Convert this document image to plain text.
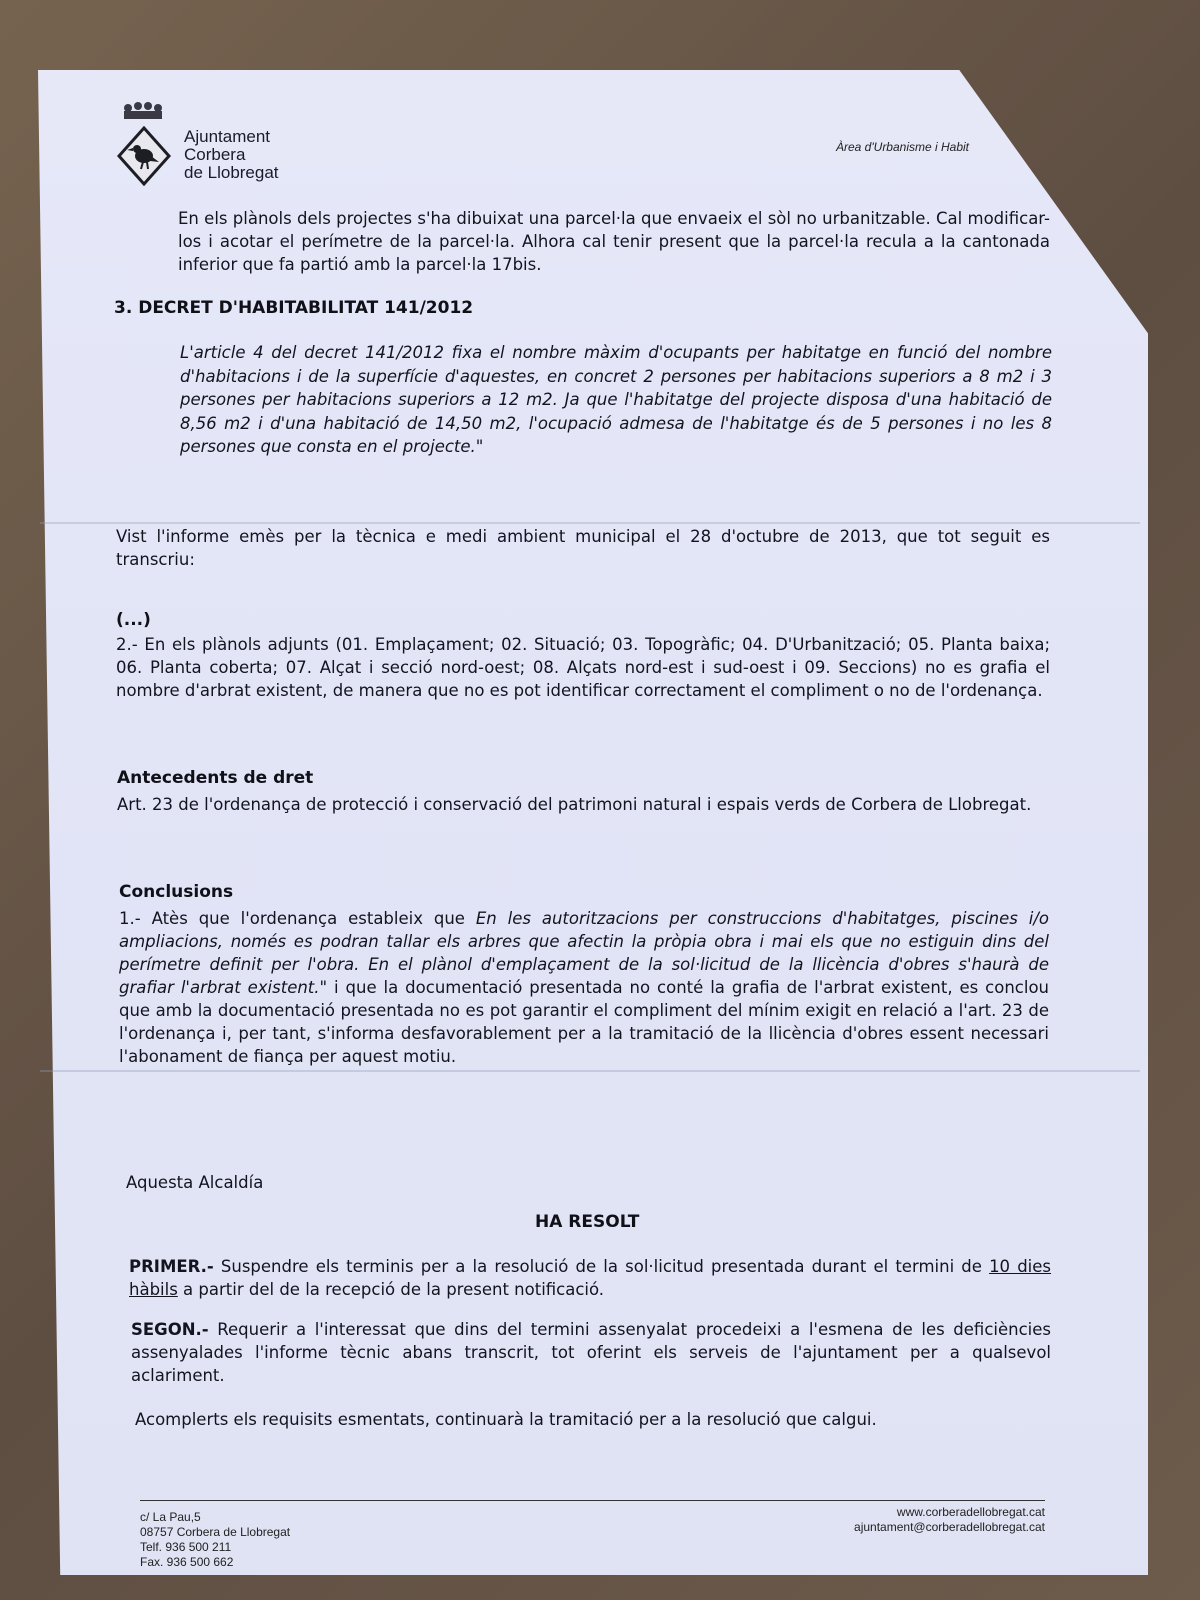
Ajuntament
Corbera
de Llobregat
Àrea d'Urbanisme i Habit
En els plànols dels projectes s'ha dibuixat una parcel·la que envaeix el sòl no urbanitzable. Cal modificar-los i acotar el perímetre de la parcel·la. Alhora cal tenir present que la parcel·la recula a la cantonada inferior que fa partió amb la parcel·la 17bis.
3. DECRET D'HABITABILITAT 141/2012
L'article 4 del decret 141/2012 fixa el nombre màxim d'ocupants per habitatge en funció del nombre d'habitacions i de la superfície d'aquestes, en concret 2 persones per habitacions superiors a 8 m2 i 3 persones per habitacions superiors a 12 m2. Ja que l'habitatge del projecte disposa d'una habitació de 8,56 m2 i d'una habitació de 14,50 m2, l'ocupació admesa de l'habitatge és de 5 persones i no les 8 persones que consta en el projecte."
Vist l'informe emès per la tècnica e medi ambient municipal el 28 d'octubre de 2013, que tot seguit es transcriu:
(...)
2.- En els plànols adjunts (01. Emplaçament; 02. Situació; 03. Topogràfic; 04. D'Urbanització; 05. Planta baixa; 06. Planta coberta; 07. Alçat i secció nord-oest; 08. Alçats nord-est i sud-oest i 09. Seccions) no es grafia el nombre d'arbrat existent, de manera que no es pot identificar correctament el compliment o no de l'ordenança.
Antecedents de dret
Art. 23 de l'ordenança de protecció i conservació del patrimoni natural i espais verds de Corbera de Llobregat.
Conclusions
1.- Atès que l'ordenança estableix que En les autoritzacions per construccions d'habitatges, piscines i/o ampliacions, només es podran tallar els arbres que afectin la pròpia obra i mai els que no estiguin dins del perímetre definit per l'obra. En el plànol d'emplaçament de la sol·licitud de la llicència d'obres s'haurà de grafiar l'arbrat existent." i que la documentació presentada no conté la grafia de l'arbrat existent, es conclou que amb la documentació presentada no es pot garantir el compliment del mínim exigit en relació a l'art. 23 de l'ordenança i, per tant, s'informa desfavorablement per a la tramitació de la llicència d'obres essent necessari l'abonament de fiança per aquest motiu.
Aquesta Alcaldía
HA RESOLT
PRIMER.- Suspendre els terminis per a la resolució de la sol·licitud presentada durant el termini de 10 dies hàbils a partir del de la recepció de la present notificació.
SEGON.- Requerir a l'interessat que dins del termini assenyalat procedeixi a l'esmena de les deficiències assenyalades l'informe tècnic abans transcrit, tot oferint els serveis de l'ajuntament per a qualsevol aclariment.
Acomplerts els requisits esmentats, continuarà la tramitació per a la resolució que calgui.
c/ La Pau,5
08757 Corbera de Llobregat
Telf. 936 500 211
Fax. 936 500 662
www.corberadellobregat.cat
ajuntament@corberadellobregat.cat
